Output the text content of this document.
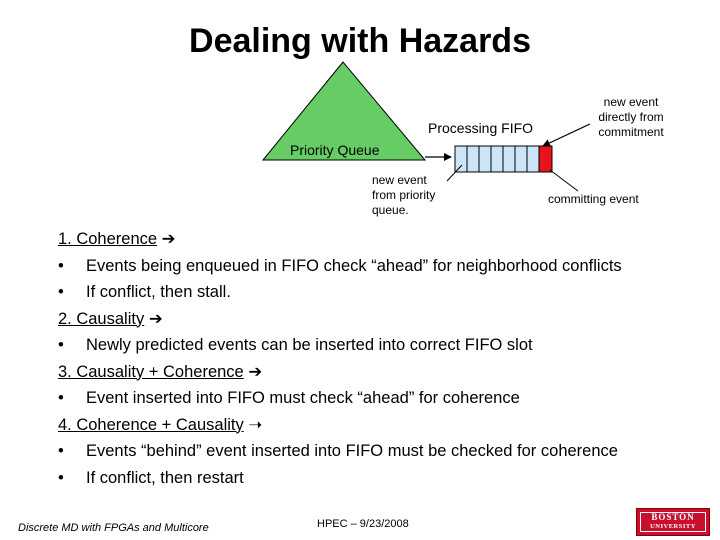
Dealing with Hazards
Priority Queue
Processing FIFO
new event
directly from
commitment
new event
from priority
queue.
committing event
1. Coherence ➔
• Events being enqueued in FIFO check “ahead” for neighborhood conflicts
• If conflict, then stall.
2. Causality ➔
• Newly predicted events can be inserted into correct FIFO slot
3. Causality + Coherence ➔
• Event inserted into FIFO must check “ahead” for coherence
4. Coherence + Causality ➝
• Events “behind” event inserted into FIFO must be checked for coherence
• If conflict, then restart
Discrete MD with FPGAs and Multicore	HPEC – 9/23/2008
BOSTON
UNIVERSITY
